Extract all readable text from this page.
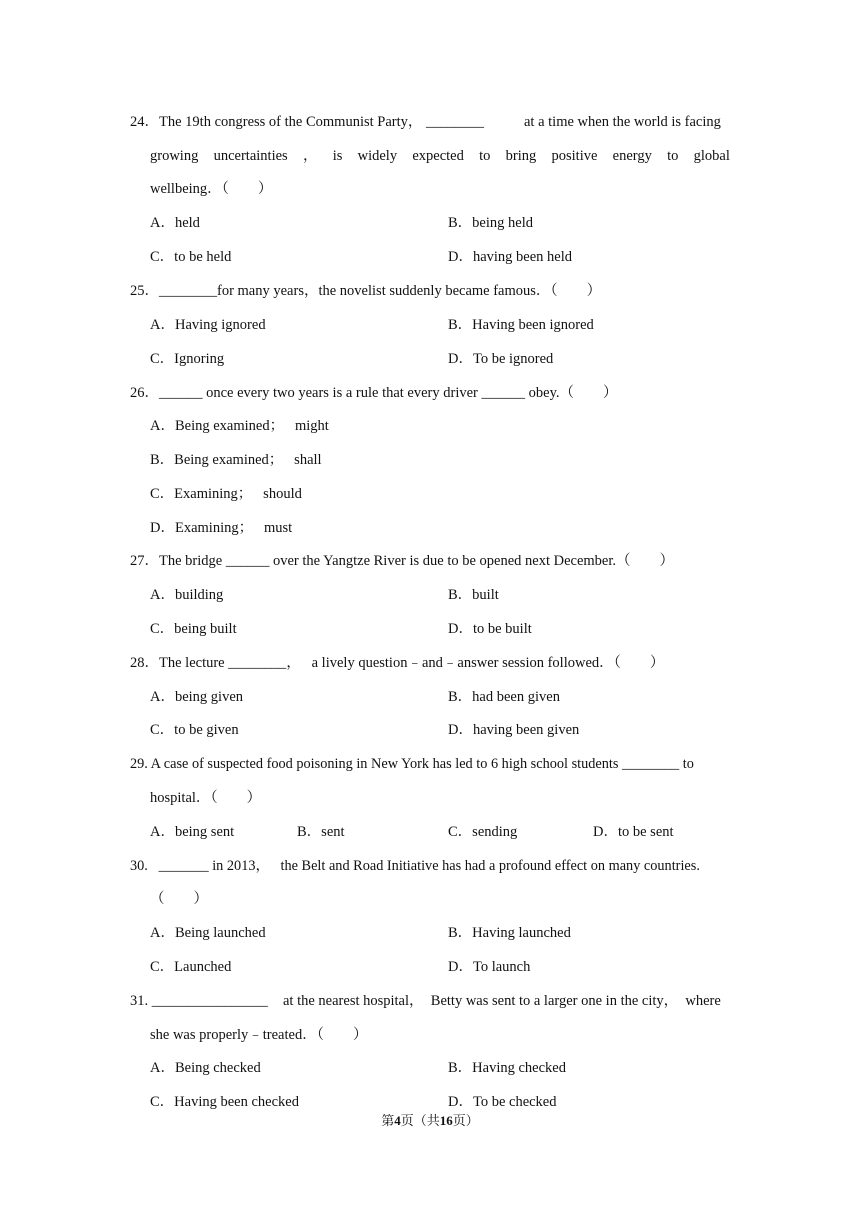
24．The 19th congress of the Communist Party， ________	at a time when the world is facing
growing uncertainties ， is widely expected to bring positive energy to global
wellbeing．（　　）
A．held	B．being held
C．to be held	D．having been held
25．________for many years，the novelist suddenly became famous．（　　）
A．Having ignored	B．Having been ignored
C．Ignoring	D．To be ignored
26．______ once every two years is a rule that every driver ______ obey.（　　）
A．Being examined；   might
B．Being examined；   shall
C．Examining；   should
D．Examining；   must
27．The bridge ______ over the Yangtze River is due to be opened next December.（　　）
A．building	B．built
C．being built	D．to be built
28．The lecture ________，   a lively question﹣and﹣answer session followed．（　　）
A．being given	B．had been given
C．to be given	D．having been given
29. A case of suspected food poisoning in New York has led to 6 high school students ________ to
hospital．（　　）
A．being sent	B．sent	C．sending	D．to be sent
30.   _______ in 2013，   the Belt and Road Initiative has had a profound effect on many countries.
（　　）
A．Being launched	B．Having launched
C．Launched	D．To launch
31. ________________ at the nearest hospital，  Betty was sent to a larger one in the city，  where
she was properly﹣treated．（　　）
A．Being checked	B．Having checked
C．Having been checked	D．To be checked
第4页（共16页）
